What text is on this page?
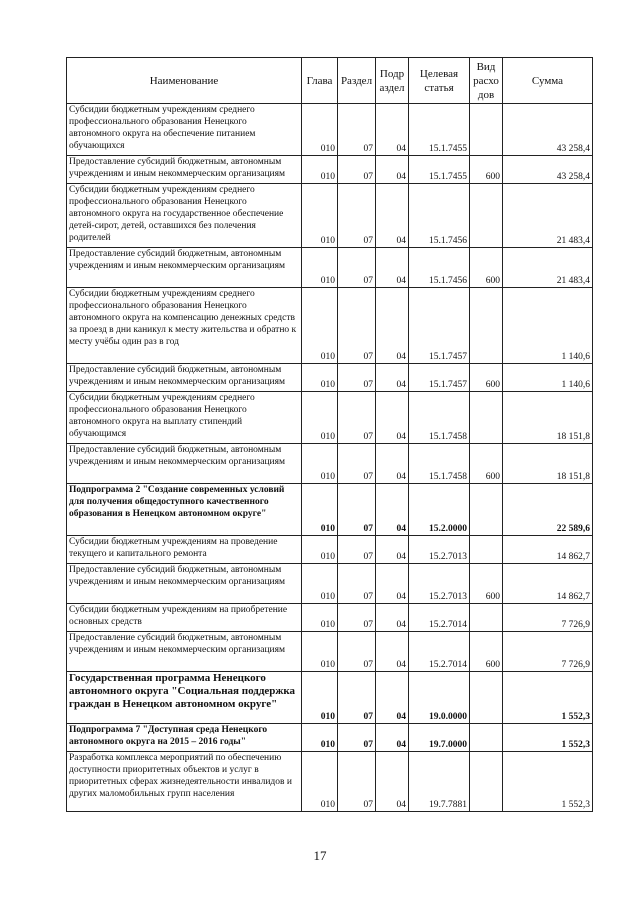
Наименование	Глава	Раздел	Подр аздел	Целевая статья	Вид расхо дов	Сумма
Субсидии бюджетным учреждениям среднего профессионального образования Ненецкого автономного округа на обеспечение питанием обучающихся	010	07	04	15.1.7455		43 258,4
Предоставление субсидий бюджетным, автономным учреждениям и иным некоммерческим организациям	010	07	04	15.1.7455	600	43 258,4
Субсидии бюджетным учреждениям среднего профессионального образования Ненецкого автономного округа на государственное обеспечение детей-сирот, детей, оставшихся без полечения родителей	010	07	04	15.1.7456		21 483,4
Предоставление субсидий бюджетным, автономным учреждениям и иным некоммерческим организациям	010	07	04	15.1.7456	600	21 483,4
Субсидии бюджетным учреждениям среднего профессионального образования Ненецкого автономного округа на компенсацию денежных средств за проезд в дни каникул к месту жительства и обратно к месту учёбы один раз в год	010	07	04	15.1.7457		1 140,6
Предоставление субсидий бюджетным, автономным учреждениям и иным некоммерческим организациям	010	07	04	15.1.7457	600	1 140,6
Субсидии бюджетным учреждениям среднего профессионального образования Ненецкого автономного округа на выплату стипендий обучающимся	010	07	04	15.1.7458		18 151,8
Предоставление субсидий бюджетным, автономным учреждениям и иным некоммерческим организациям	010	07	04	15.1.7458	600	18 151,8
Подпрограмма 2 "Создание современных условий для получения общедоступного качественного образования в Ненецком автономном округе"	010	07	04	15.2.0000		22 589,6
Субсидии бюджетным учреждениям на проведение текущего и капитального ремонта	010	07	04	15.2.7013		14 862,7
Предоставление субсидий бюджетным, автономным учреждениям и иным некоммерческим организациям	010	07	04	15.2.7013	600	14 862,7
Субсидии бюджетным учреждениям на приобретение основных средств	010	07	04	15.2.7014		7 726,9
Предоставление субсидий бюджетным, автономным учреждениям и иным некоммерческим организациям	010	07	04	15.2.7014	600	7 726,9
Государственная программа Ненецкого автономного округа "Социальная поддержка граждан в Ненецком автономном округе"	010	07	04	19.0.0000		1 552,3
Подпрограмма 7 "Доступная среда Ненецкого автономного округа на 2015 – 2016 годы"	010	07	04	19.7.0000		1 552,3
Разработка комплекса мероприятий по обеспечению доступности приоритетных объектов и услуг в приоритетных сферах жизнедеятельности инвалидов и других маломобильных групп населения	010	07	04	19.7.7881		1 552,3
17
